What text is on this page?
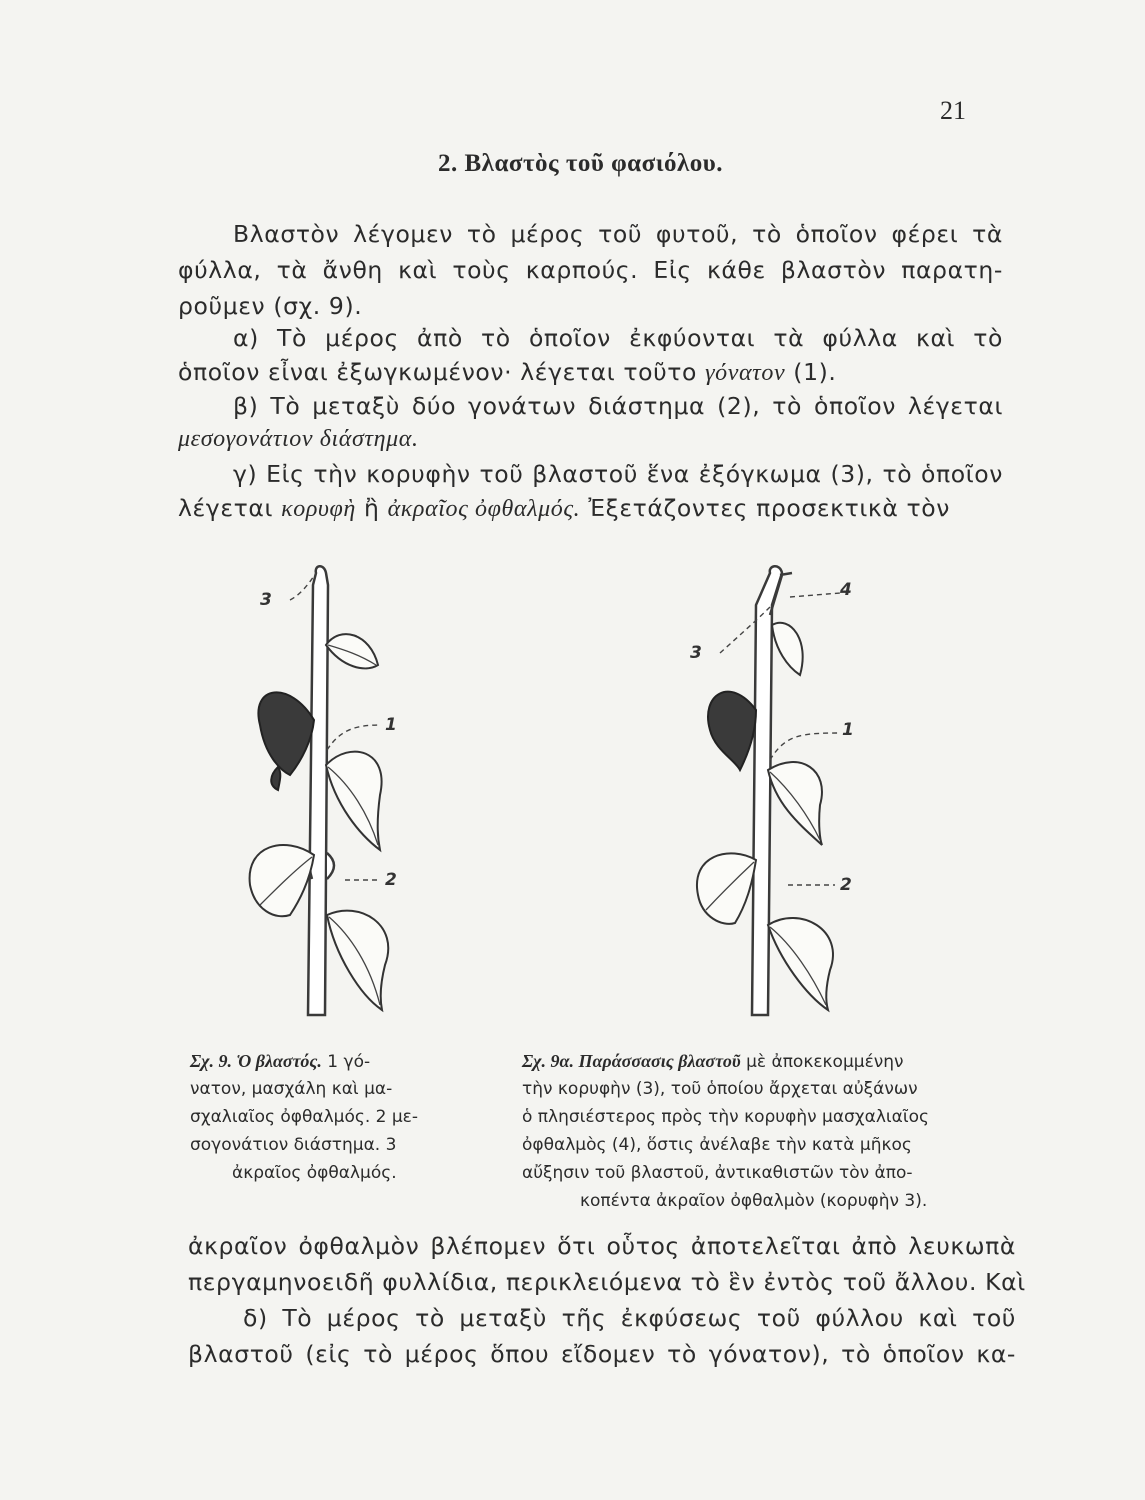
21
2. Βλαστὸς τοῦ φασιόλου.
Βλαστὸν λέγομεν τὸ μέρος τοῦ φυτοῦ, τὸ ὁποῖον φέρει τὰ
φύλλα, τὰ ἄνθη καὶ τοὺς καρπούς. Εἰς κάθε βλαστὸν παρατη-
ροῦμεν (σχ. 9).
α) Τὸ μέρος ἀπὸ τὸ ὁποῖον ἐκφύονται τὰ φύλλα καὶ τὸ
ὁποῖον εἶναι ἐξωγκωμένον· λέγεται τοῦτο γόνατον (1).
β) Τὸ μεταξὺ δύο γονάτων διάστημα (2), τὸ ὁποῖον λέγεται
μεσογονάτιον διάστημα.
γ) Εἰς τὴν κορυφὴν τοῦ βλαστοῦ ἕνα ἐξόγκωμα (3), τὸ ὁποῖον
λέγεται κορυφὴ ἢ ἀκραῖος ὀφθαλμός. Ἐξετάζοντες προσεκτικὰ τὸν
3
1
2
4
3
1
2
Σχ. 9. Ὁ βλαστός. 1 γό-
νατον, μασχάλη καὶ μα-
σχαλιαῖος ὀφθαλμός. 2 με-
σογονάτιον διάστημα. 3
ἀκραῖος ὀφθαλμός.
Σχ. 9α. Παράσσασις βλαστοῦ μὲ ἀποκεκομμένην
τὴν κορυφὴν (3), τοῦ ὁποίου ἄρχεται αὐξάνων
ὁ πλησιέστερος πρὸς τὴν κορυφὴν μασχαλιαῖος
ὀφθαλμὸς (4), ὅστις ἀνέλαβε τὴν κατὰ μῆκος
αὔξησιν τοῦ βλαστοῦ, ἀντικαθιστῶν τὸν ἀπο-
κοπέντα ἀκραῖον ὀφθαλμὸν (κορυφὴν 3).
ἀκραῖον ὀφθαλμὸν βλέπομεν ὅτι οὗτος ἀποτελεῖται ἀπὸ λευκωπὰ
περγαμηνοειδῆ φυλλίδια, περικλειόμενα τὸ ἓν ἐντὸς τοῦ ἄλλου. Καὶ
δ) Τὸ μέρος τὸ μεταξὺ τῆς ἐκφύσεως τοῦ φύλλου καὶ τοῦ
βλαστοῦ (εἰς τὸ μέρος ὅπου εἴδομεν τὸ γόνατον), τὸ ὁποῖον κα-
